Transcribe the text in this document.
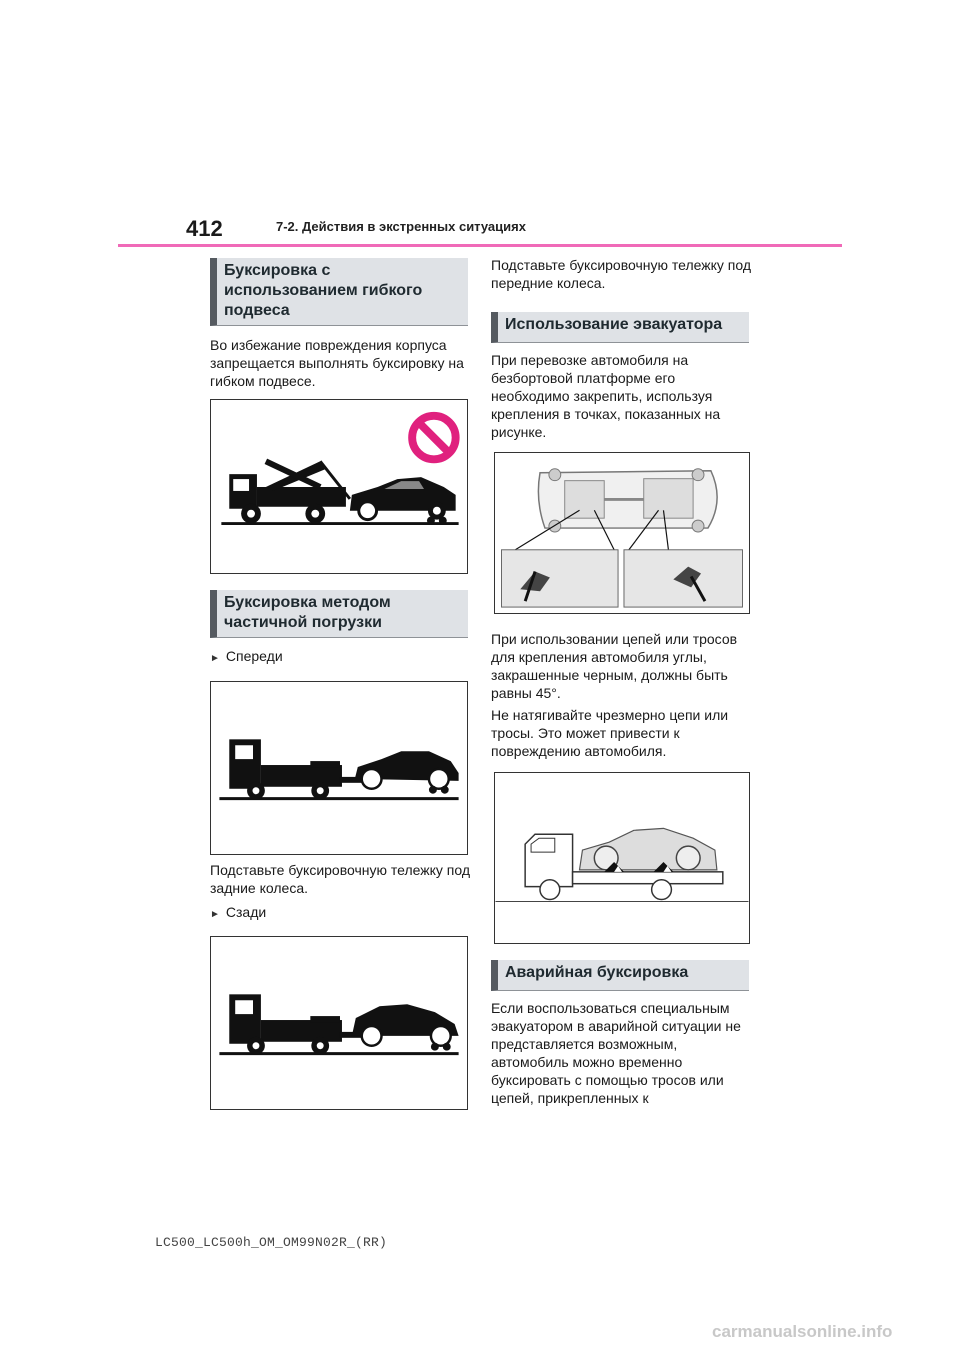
412	7-2. Действия в экстренных ситуациях
Буксировка с использованием гибкого подвеса

Во избежание повреждения корпуса запрещается выполнять буксировку на гибком подвесе.

Буксировка методом частичной погрузки
► Спереди

Подставьте буксировочную тележку под задние колеса.

► Сзади

Подставьте буксировочную тележку под передние колеса.

Использование эвакуатора

При перевозке автомобиля на безбортовой платформе его необходимо закрепить, используя крепления в точках, показанных на рисунке.

При использовании цепей или тросов для крепления автомобиля углы, закрашенные черным, должны быть равны 45°.

Не натягивайте чрезмерно цепи или тросы. Это может привести к повреждению автомобиля.

Аварийная буксировка

Если воспользоваться специальным эвакуатором в аварийной ситуации не представляется возможным, автомобиль можно временно буксировать с помощью тросов или цепей, прикрепленных к

LC500_LC500h_OM_OM99N02R_(RR)
carmanualsonline.info
